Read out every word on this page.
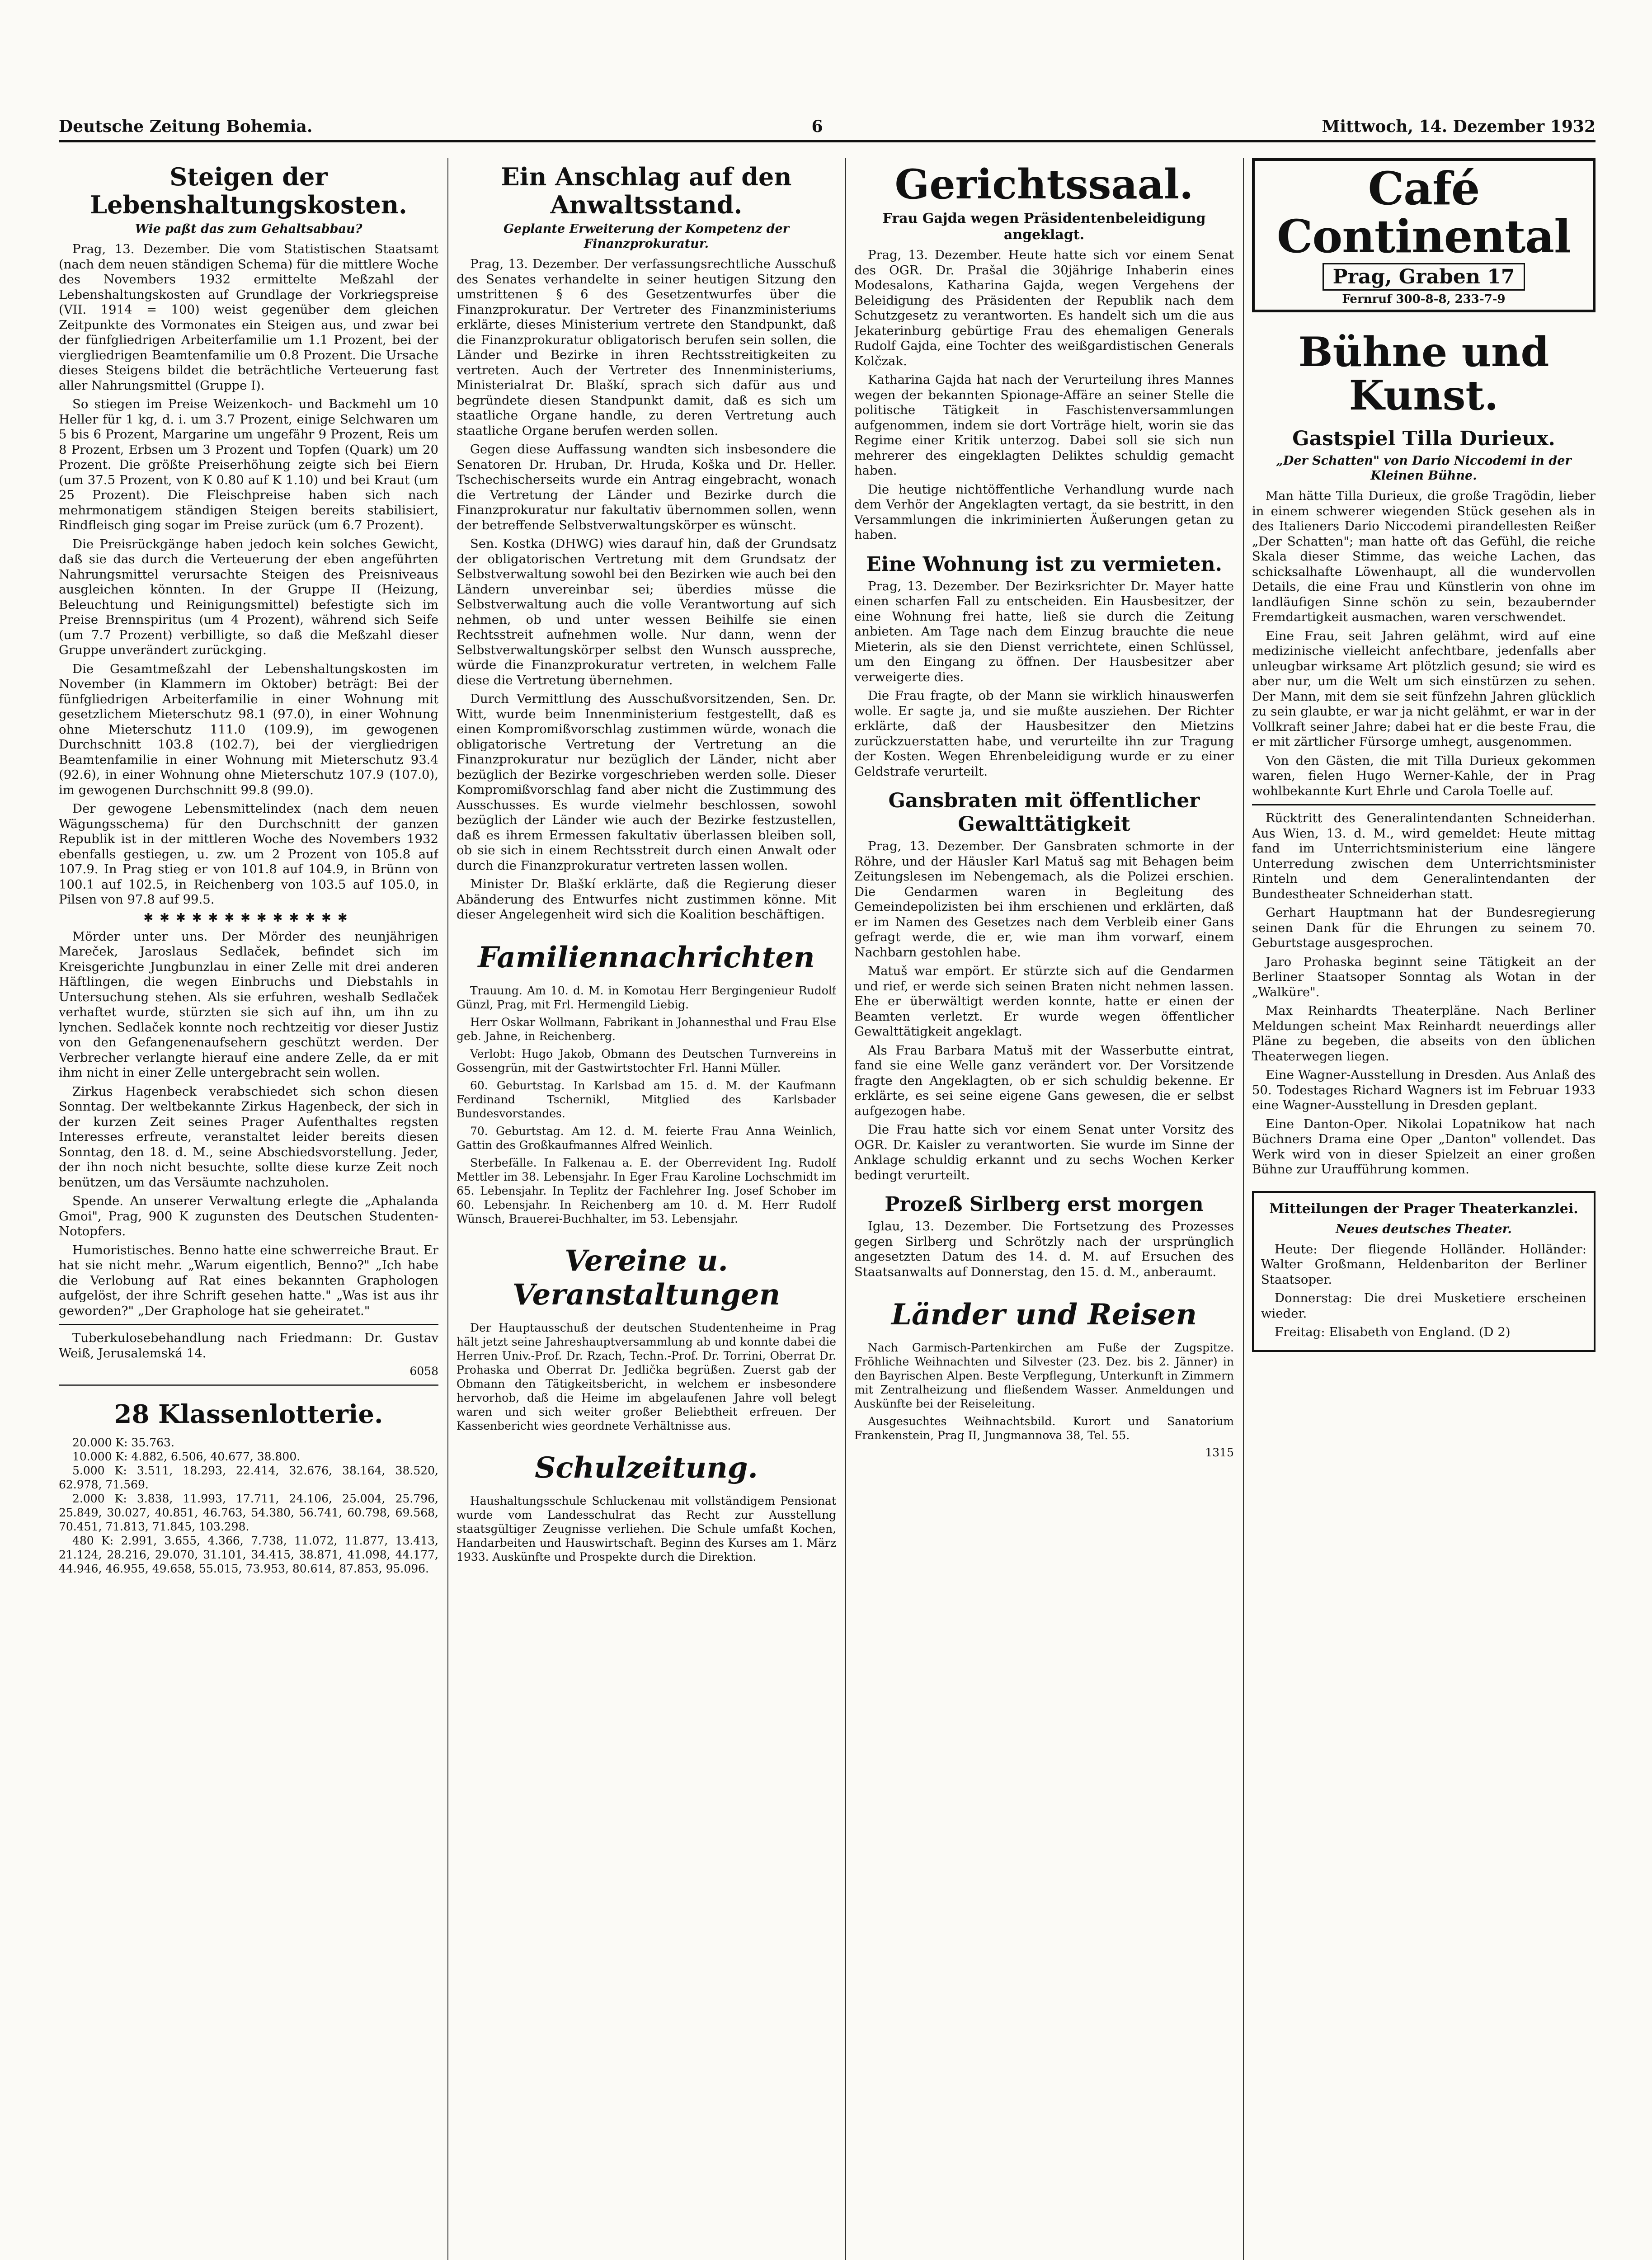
Deutsche Zeitung Bohemia.	6	Mittwoch, 14. Dezember 1932
Steigen der Lebenshaltungskosten.
Wie paßt das zum Gehaltsabbau?

Prag, 13. Dezember. Die vom Statistischen Staatsamt (nach dem neuen ständigen Schema) für die mittlere Woche des Novembers 1932 ermittelte Meßzahl der Lebenshaltungskosten auf Grundlage der Vorkriegspreise (VII. 1914 = 100) weist gegenüber dem gleichen Zeitpunkte des Vormonates ein Steigen aus, und zwar bei der fünfgliedrigen Arbeiterfamilie um 1.1 Prozent, bei der viergliedrigen Beamtenfamilie um 0.8 Prozent. Die Ursache dieses Steigens bildet die beträchtliche Verteuerung fast aller Nahrungsmittel (Gruppe I).

So stiegen im Preise Weizenkoch- und Backmehl um 10 Heller für 1 kg, d. i. um 3.7 Prozent, einige Selchwaren um 5 bis 6 Prozent, Margarine um ungefähr 9 Prozent, Reis um 8 Prozent, Erbsen um 3 Prozent und Topfen (Quark) um 20 Prozent. Die größte Preiserhöhung zeigte sich bei Eiern (um 37.5 Prozent, von K 0.80 auf K 1.10) und bei Kraut (um 25 Prozent). Die Fleischpreise haben sich nach mehrmonatigem ständigen Steigen bereits stabilisiert, Rindfleisch ging sogar im Preise zurück (um 6.7 Prozent).

Die Preisrückgänge haben jedoch kein solches Gewicht, daß sie das durch die Verteuerung der eben angeführten Nahrungsmittel verursachte Steigen des Preisniveaus ausgleichen könnten. In der Gruppe II (Heizung, Beleuchtung und Reinigungsmittel) befestigte sich im Preise Brennspiritus (um 4 Prozent), während sich Seife (um 7.7 Prozent) verbilligte, so daß die Meßzahl dieser Gruppe unverändert zurückging.

Die Gesamtmeßzahl der Lebenshaltungskosten im November (in Klammern im Oktober) beträgt: Bei der fünfgliedrigen Arbeiterfamilie in einer Wohnung mit gesetzlichem Mieterschutz 98.1 (97.0), in einer Wohnung ohne Mieterschutz 111.0 (109.9), im gewogenen Durchschnitt 103.8 (102.7), bei der viergliedrigen Beamtenfamilie in einer Wohnung mit Mieterschutz 93.4 (92.6), in einer Wohnung ohne Mieterschutz 107.9 (107.0), im gewogenen Durchschnitt 99.8 (99.0).

Der gewogene Lebensmittelindex (nach dem neuen Wägungsschema) für den Durchschnitt der ganzen Republik ist in der mittleren Woche des Novembers 1932 ebenfalls gestiegen, u. zw. um 2 Prozent von 105.8 auf 107.9. In Prag stieg er von 101.8 auf 104.9, in Brünn von 100.1 auf 102.5, in Reichenberg von 103.5 auf 105.0, in Pilsen von 97.8 auf 99.5.

✱✱✱✱✱✱✱✱✱✱✱✱✱

Mörder unter uns. Der Mörder des neunjährigen Mareček, Jaroslaus Sedlaček, befindet sich im Kreisgerichte Jungbunzlau in einer Zelle mit drei anderen Häftlingen, die wegen Einbruchs und Diebstahls in Untersuchung stehen. Als sie erfuhren, weshalb Sedlaček verhaftet wurde, stürzten sie sich auf ihn, um ihn zu lynchen. Sedlaček konnte noch rechtzeitig vor dieser Justiz von den Gefangenenaufsehern geschützt werden. Der Verbrecher verlangte hierauf eine andere Zelle, da er mit ihm nicht in einer Zelle untergebracht sein wollen.

Zirkus Hagenbeck verabschiedet sich schon diesen Sonntag. Der weltbekannte Zirkus Hagenbeck, der sich in der kurzen Zeit seines Prager Aufenthaltes regsten Interesses erfreute, veranstaltet leider bereits diesen Sonntag, den 18. d. M., seine Abschiedsvorstellung. Jeder, der ihn noch nicht besuchte, sollte diese kurze Zeit noch benützen, um das Versäumte nachzuholen.

Spende. An unserer Verwaltung erlegte die „Aphalanda Gmoi", Prag, 900 K zugunsten des Deutschen Studenten-Notopfers.

Humoristisches. Benno hatte eine schwerreiche Braut. Er hat sie nicht mehr. „Warum eigentlich, Benno?" „Ich habe die Verlobung auf Rat eines bekannten Graphologen aufgelöst, der ihre Schrift gesehen hatte." „Was ist aus ihr geworden?" „Der Graphologe hat sie geheiratet."

Tuberkulosebehandlung nach Friedmann: Dr. Gustav Weiß, Jerusalemská 14.

6058
28 Klassenlotterie.

20.000 K: 35.763.

10.000 K: 4.882, 6.506, 40.677, 38.800.

5.000 K: 3.511, 18.293, 22.414, 32.676, 38.164, 38.520, 62.978, 71.569.

2.000 K: 3.838, 11.993, 17.711, 24.106, 25.004, 25.796, 25.849, 30.027, 40.851, 46.763, 54.380, 56.741, 60.798, 69.568, 70.451, 71.813, 71.845, 103.298.

480 K: 2.991, 3.655, 4.366, 7.738, 11.072, 11.877, 13.413, 21.124, 28.216, 29.070, 31.101, 34.415, 38.871, 41.098, 44.177, 44.946, 46.955, 49.658, 55.015, 73.953, 80.614, 87.853, 95.096.

Ein Anschlag auf den Anwaltsstand.
Geplante Erweiterung der Kompetenz der Finanzprokuratur.

Prag, 13. Dezember. Der verfassungsrechtliche Ausschuß des Senates verhandelte in seiner heutigen Sitzung den umstrittenen § 6 des Gesetzentwurfes über die Finanzprokuratur. Der Vertreter des Finanzministeriums erklärte, dieses Ministerium vertrete den Standpunkt, daß die Finanzprokuratur obligatorisch berufen sein sollen, die Länder und Bezirke in ihren Rechtsstreitigkeiten zu vertreten. Auch der Vertreter des Innenministeriums, Ministerialrat Dr. Blaškí, sprach sich dafür aus und begründete diesen Standpunkt damit, daß es sich um staatliche Organe handle, zu deren Vertretung auch staatliche Organe berufen werden sollen.

Gegen diese Auffassung wandten sich insbesondere die Senatoren Dr. Hruban, Dr. Hruda, Koška und Dr. Heller. Tschechischerseits wurde ein Antrag eingebracht, wonach die Vertretung der Länder und Bezirke durch die Finanzprokuratur nur fakultativ übernommen sollen, wenn der betreffende Selbstverwaltungskörper es wünscht.

Sen. Kostka (DHWG) wies darauf hin, daß der Grundsatz der obligatorischen Vertretung mit dem Grundsatz der Selbstverwaltung sowohl bei den Bezirken wie auch bei den Ländern unvereinbar sei; überdies müsse die Selbstverwaltung auch die volle Verantwortung auf sich nehmen, ob und unter wessen Beihilfe sie einen Rechtsstreit aufnehmen wolle. Nur dann, wenn der Selbstverwaltungskörper selbst den Wunsch ausspreche, würde die Finanzprokuratur vertreten, in welchem Falle diese die Vertretung übernehmen.

Durch Vermittlung des Ausschußvorsitzenden, Sen. Dr. Witt, wurde beim Innenministerium festgestellt, daß es einen Kompromißvorschlag zustimmen würde, wonach die obligatorische Vertretung der Vertretung an die Finanzprokuratur nur bezüglich der Länder, nicht aber bezüglich der Bezirke vorgeschrieben werden solle. Dieser Kompromißvorschlag fand aber nicht die Zustimmung des Ausschusses. Es wurde vielmehr beschlossen, sowohl bezüglich der Länder wie auch der Bezirke festzustellen, daß es ihrem Ermessen fakultativ überlassen bleiben soll, ob sie sich in einem Rechtsstreit durch einen Anwalt oder durch die Finanzprokuratur vertreten lassen wollen.

Minister Dr. Blaškí erklärte, daß die Regierung dieser Abänderung des Entwurfes nicht zustimmen könne. Mit dieser Angelegenheit wird sich die Koalition beschäftigen.

Familiennachrichten

Trauung. Am 10. d. M. in Komotau Herr Bergingenieur Rudolf Günzl, Prag, mit Frl. Hermengild Liebig.

Herr Oskar Wollmann, Fabrikant in Johannesthal und Frau Else geb. Jahne, in Reichenberg.

Verlobt: Hugo Jakob, Obmann des Deutschen Turnvereins in Gossengrün, mit der Gastwirtstochter Frl. Hanni Müller.

60. Geburtstag. In Karlsbad am 15. d. M. der Kaufmann Ferdinand Tschernikl, Mitglied des Karlsbader Bundesvorstandes.

70. Geburtstag. Am 12. d. M. feierte Frau Anna Weinlich, Gattin des Großkaufmannes Alfred Weinlich.

Sterbefälle. In Falkenau a. E. der Oberrevident Ing. Rudolf Mettler im 38. Lebensjahr. In Eger Frau Karoline Lochschmidt im 65. Lebensjahr. In Teplitz der Fachlehrer Ing. Josef Schober im 60. Lebensjahr. In Reichenberg am 10. d. M. Herr Rudolf Wünsch, Brauerei-Buchhalter, im 53. Lebensjahr.

Vereine u. Veranstaltungen

Der Hauptausschuß der deutschen Studentenheime in Prag hält jetzt seine Jahreshauptversammlung ab und konnte dabei die Herren Univ.-Prof. Dr. Rzach, Techn.-Prof. Dr. Torrini, Oberrat Dr. Prohaska und Oberrat Dr. Jedlička begrüßen. Zuerst gab der Obmann den Tätigkeitsbericht, in welchem er insbesondere hervorhob, daß die Heime im abgelaufenen Jahre voll belegt waren und sich weiter großer Beliebtheit erfreuen. Der Kassenbericht wies geordnete Verhältnisse aus.

Schulzeitung.

Haushaltungsschule Schluckenau mit vollständigem Pensionat wurde vom Landesschulrat das Recht zur Ausstellung staatsgültiger Zeugnisse verliehen. Die Schule umfaßt Kochen, Handarbeiten und Hauswirtschaft. Beginn des Kurses am 1. März 1933. Auskünfte und Prospekte durch die Direktion.

Gerichtssaal.
Frau Gajda wegen Präsidentenbeleidigung angeklagt.

Prag, 13. Dezember. Heute hatte sich vor einem Senat des OGR. Dr. Prašal die 30jährige Inhaberin eines Modesalons, Katharina Gajda, wegen Vergehens der Beleidigung des Präsidenten der Republik nach dem Schutzgesetz zu verantworten. Es handelt sich um die aus Jekaterinburg gebürtige Frau des ehemaligen Generals Rudolf Gajda, eine Tochter des weißgardistischen Generals Kolčzak.

Katharina Gajda hat nach der Verurteilung ihres Mannes wegen der bekannten Spionage-Affäre an seiner Stelle die politische Tätigkeit in Faschistenversammlungen aufgenommen, indem sie dort Vorträge hielt, worin sie das Regime einer Kritik unterzog. Dabei soll sie sich nun mehrerer des eingeklagten Deliktes schuldig gemacht haben.

Die heutige nichtöffentliche Verhandlung wurde nach dem Verhör der Angeklagten vertagt, da sie bestritt, in den Versammlungen die inkriminierten Äußerungen getan zu haben.

Eine Wohnung ist zu vermieten.

Prag, 13. Dezember. Der Bezirksrichter Dr. Mayer hatte einen scharfen Fall zu entscheiden. Ein Hausbesitzer, der eine Wohnung frei hatte, ließ sie durch die Zeitung anbieten. Am Tage nach dem Einzug brauchte die neue Mieterin, als sie den Dienst verrichtete, einen Schlüssel, um den Eingang zu öffnen. Der Hausbesitzer aber verweigerte dies.

Die Frau fragte, ob der Mann sie wirklich hinauswerfen wolle. Er sagte ja, und sie mußte ausziehen. Der Richter erklärte, daß der Hausbesitzer den Mietzins zurückzuerstatten habe, und verurteilte ihn zur Tragung der Kosten. Wegen Ehrenbeleidigung wurde er zu einer Geldstrafe verurteilt.

Gansbraten mit öffentlicher Gewalttätigkeit

Prag, 13. Dezember. Der Gansbraten schmorte in der Röhre, und der Häusler Karl Matuš sag mit Behagen beim Zeitungslesen im Nebengemach, als die Polizei erschien. Die Gendarmen waren in Begleitung des Gemeindepolizisten bei ihm erschienen und erklärten, daß er im Namen des Gesetzes nach dem Verbleib einer Gans gefragt werde, die er, wie man ihm vorwarf, einem Nachbarn gestohlen habe.

Matuš war empört. Er stürzte sich auf die Gendarmen und rief, er werde sich seinen Braten nicht nehmen lassen. Ehe er überwältigt werden konnte, hatte er einen der Beamten verletzt. Er wurde wegen öffentlicher Gewalttätigkeit angeklagt.

Als Frau Barbara Matuš mit der Wasserbutte eintrat, fand sie eine Welle ganz verändert vor. Der Vorsitzende fragte den Angeklagten, ob er sich schuldig bekenne. Er erklärte, es sei seine eigene Gans gewesen, die er selbst aufgezogen habe.

Die Frau hatte sich vor einem Senat unter Vorsitz des OGR. Dr. Kaisler zu verantworten. Sie wurde im Sinne der Anklage schuldig erkannt und zu sechs Wochen Kerker bedingt verurteilt.

Prozeß Sirlberg erst morgen

Iglau, 13. Dezember. Die Fortsetzung des Prozesses gegen Sirlberg und Schrötzly nach der ursprünglich angesetzten Datum des 14. d. M. auf Ersuchen des Staatsanwalts auf Donnerstag, den 15. d. M., anberaumt.

Länder und Reisen

Nach Garmisch-Partenkirchen am Fuße der Zugspitze. Fröhliche Weihnachten und Silvester (23. Dez. bis 2. Jänner) in den Bayrischen Alpen. Beste Verpflegung, Unterkunft in Zimmern mit Zentralheizung und fließendem Wasser. Anmeldungen und Auskünfte bei der Reiseleitung.

Ausgesuchtes Weihnachtsbild. Kurort und Sanatorium Frankenstein, Prag II, Jungmannova 38, Tel. 55.

1315
Café Continental
Prag, Graben 17
Fernruf 300-8-8, 233-7-9
Bühne und Kunst.
Gastspiel Tilla Durieux.
„Der Schatten" von Dario Niccodemi in der Kleinen Bühne.

Man hätte Tilla Durieux, die große Tragödin, lieber in einem schwerer wiegenden Stück gesehen als in des Italieners Dario Niccodemi pirandellesten Reißer „Der Schatten"; man hatte oft das Gefühl, die reiche Skala dieser Stimme, das weiche Lachen, das schicksalhafte Löwenhaupt, all die wundervollen Details, die eine Frau und Künstlerin von ohne im landläufigen Sinne schön zu sein, bezaubernder Fremdartigkeit ausmachen, waren verschwendet.

Eine Frau, seit Jahren gelähmt, wird auf eine medizinische vielleicht anfechtbare, jedenfalls aber unleugbar wirksame Art plötzlich gesund; sie wird es aber nur, um die Welt um sich einstürzen zu sehen. Der Mann, mit dem sie seit fünfzehn Jahren glücklich zu sein glaubte, er war ja nicht gelähmt, er war in der Vollkraft seiner Jahre; dabei hat er die beste Frau, die er mit zärtlicher Fürsorge umhegt, ausgenommen.

Von den Gästen, die mit Tilla Durieux gekommen waren, fielen Hugo Werner-Kahle, der in Prag wohlbekannte Kurt Ehrle und Carola Toelle auf.

Rücktritt des Generalintendanten Schneiderhan. Aus Wien, 13. d. M., wird gemeldet: Heute mittag fand im Unterrichtsministerium eine längere Unterredung zwischen dem Unterrichtsminister Rinteln und dem Generalintendanten der Bundestheater Schneiderhan statt.

Gerhart Hauptmann hat der Bundesregierung seinen Dank für die Ehrungen zu seinem 70. Geburtstage ausgesprochen.

Jaro Prohaska beginnt seine Tätigkeit an der Berliner Staatsoper Sonntag als Wotan in der „Walküre".

Max Reinhardts Theaterpläne. Nach Berliner Meldungen scheint Max Reinhardt neuerdings aller Pläne zu begeben, die abseits von den üblichen Theaterwegen liegen.

Eine Wagner-Ausstellung in Dresden. Aus Anlaß des 50. Todestages Richard Wagners ist im Februar 1933 eine Wagner-Ausstellung in Dresden geplant.

Eine Danton-Oper. Nikolai Lopatnikow hat nach Büchners Drama eine Oper „Danton" vollendet. Das Werk wird von in dieser Spielzeit an einer großen Bühne zur Uraufführung kommen.

Mitteilungen der Prager Theaterkanzlei.
Neues deutsches Theater.

Heute: Der fliegende Holländer. Holländer: Walter Großmann, Heldenbariton der Berliner Staatsoper.

Donnerstag: Die drei Musketiere erscheinen wieder.

Freitag: Elisabeth von England. (D 2)
